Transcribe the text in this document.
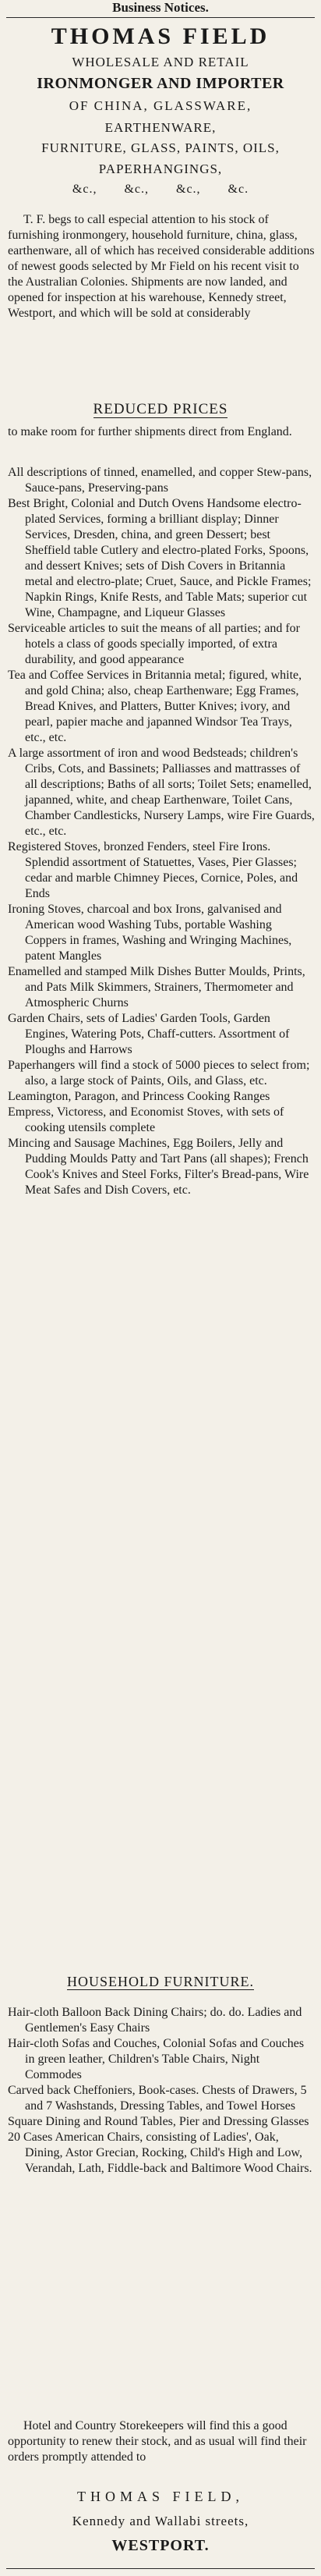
Business Notices.
THOMAS FIELD
WHOLESALE AND RETAIL
IRONMONGER AND IMPORTER
OF CHINA, GLASSWARE,
EARTHENWARE,
FURNITURE, GLASS, PAINTS, OILS,
PAPERHANGINGS,
&c., &c., &c., &c.
T. F. begs to call especial attention to his stock of furnishing ironmongery, household furniture, china, glass, earthenware, all of which has received considerable additions of newest goods selected by Mr Field on his recent visit to the Australian Colonies. Shipments are now landed, and opened for inspection at his warehouse, Kennedy street, Westport, and which will be sold at considerably
REDUCED PRICES
to make room for further shipments direct from England.

All descriptions of tinned, enamelled, and copper Stew-pans, Sauce-pans, Preserving-pans

Best Bright, Colonial and Dutch Ovens Handsome electro-plated Services, forming a brilliant display; Dinner Services, Dresden, china, and green Dessert; best Sheffield table Cutlery and electro-plated Forks, Spoons, and dessert Knives; sets of Dish Covers in Britannia metal and electro-plate; Cruet, Sauce, and Pickle Frames; Napkin Rings, Knife Rests, and Table Mats; superior cut Wine, Champagne, and Liqueur Glasses

Serviceable articles to suit the means of all parties; and for hotels a class of goods specially imported, of extra durability, and good appearance

Tea and Coffee Services in Britannia metal; figured, white, and gold China; also, cheap Earthenware; Egg Frames, Bread Knives, and Platters, Butter Knives; ivory, and pearl, papier mache and japanned Windsor Tea Trays, etc., etc.

A large assortment of iron and wood Bedsteads; children's Cribs, Cots, and Bassinets; Palliasses and mattrasses of all descriptions; Baths of all sorts; Toilet Sets; enamelled, japanned, white, and cheap Earthenware, Toilet Cans, Chamber Candlesticks, Nursery Lamps, wire Fire Guards, etc., etc.

Registered Stoves, bronzed Fenders, steel Fire Irons. Splendid assortment of Statuettes, Vases, Pier Glasses; cedar and marble Chimney Pieces, Cornice, Poles, and Ends

Ironing Stoves, charcoal and box Irons, galvanised and American wood Washing Tubs, portable Washing Coppers in frames, Washing and Wringing Machines, patent Mangles

Enamelled and stamped Milk Dishes Butter Moulds, Prints, and Pats Milk Skimmers, Strainers, Thermometer and Atmospheric Churns

Garden Chairs, sets of Ladies' Garden Tools, Garden Engines, Watering Pots, Chaff-cutters. Assortment of Ploughs and Harrows

Paperhangers will find a stock of 5000 pieces to select from; also, a large stock of Paints, Oils, and Glass, etc.

Leamington, Paragon, and Princess Cooking Ranges

Empress, Victoress, and Economist Stoves, with sets of cooking utensils complete

Mincing and Sausage Machines, Egg Boilers, Jelly and Pudding Moulds Patty and Tart Pans (all shapes); French Cook's Knives and Steel Forks, Filter's Bread-pans, Wire Meat Safes and Dish Covers, etc.

HOUSEHOLD FURNITURE.

Hair-cloth Balloon Back Dining Chairs; do. do. Ladies and Gentlemen's Easy Chairs

Hair-cloth Sofas and Couches, Colonial Sofas and Couches in green leather, Children's Table Chairs, Night Commodes

Carved back Cheffoniers, Book-cases. Chests of Drawers, 5 and 7 Washstands, Dressing Tables, and Towel Horses

Square Dining and Round Tables, Pier and Dressing Glasses

20 Cases American Chairs, consisting of Ladies', Oak, Dining, Astor Grecian, Rocking, Child's High and Low, Verandah, Lath, Fiddle-back and Baltimore Wood Chairs.

Hotel and Country Storekeepers will find this a good opportunity to renew their stock, and as usual will find their orders promptly attended to
THOMAS FIELD,
Kennedy and Wallabi streets,
WESTPORT.
